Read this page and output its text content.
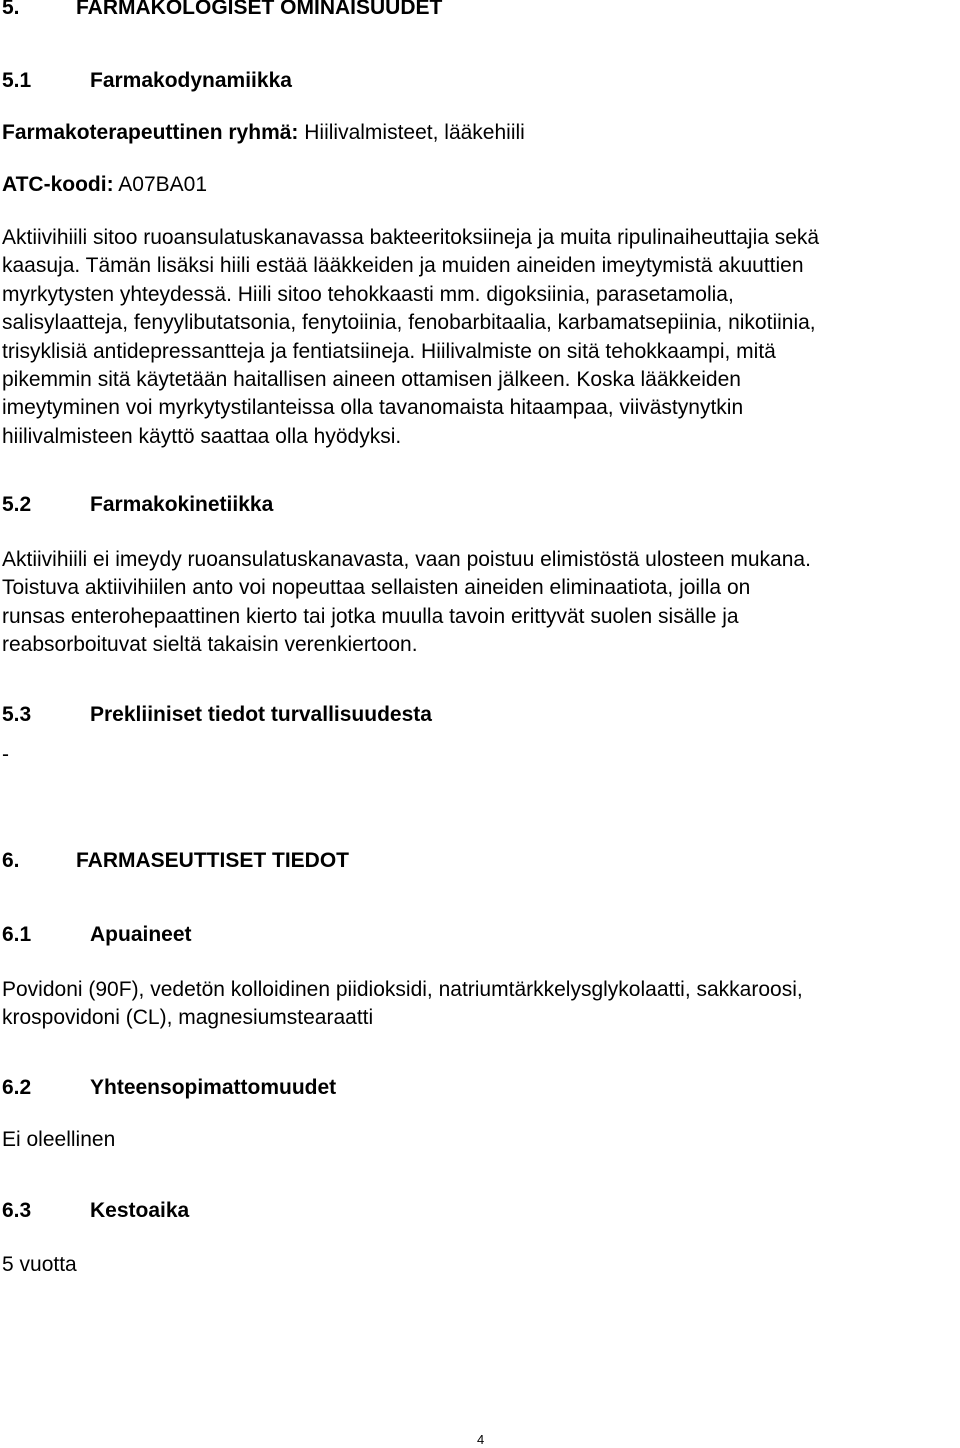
5.	FARMAKOLOGISET OMINAISUUDET
5.1	Farmakodynamiikka
Farmakoterapeuttinen ryhmä: Hiilivalmisteet, lääkehiili
ATC-koodi: A07BA01
Aktiivihiili sitoo ruoansulatuskanavassa bakteeritoksiineja ja muita ripulinaiheuttajia sekä
kaasuja. Tämän lisäksi hiili estää lääkkeiden ja muiden aineiden imeytymistä akuuttien
myrkytysten yhteydessä. Hiili sitoo tehokkaasti mm. digoksiinia, parasetamolia,
salisylaatteja, fenyylibutatsonia, fenytoiinia, fenobarbitaalia, karbamatsepiinia, nikotiinia,
trisyklisiä antidepressantteja ja fentiatsiineja. Hiilivalmiste on sitä tehokkaampi, mitä
pikemmin sitä käytetään haitallisen aineen ottamisen jälkeen. Koska lääkkeiden
imeytyminen voi myrkytystilanteissa olla tavanomaista hitaampaa, viivästynytkin
hiilivalmisteen käyttö saattaa olla hyödyksi.
5.2	Farmakokinetiikka
Aktiivihiili ei imeydy ruoansulatuskanavasta, vaan poistuu elimistöstä ulosteen mukana.
Toistuva aktiivihiilen anto voi nopeuttaa sellaisten aineiden eliminaatiota, joilla on
runsas enterohepaattinen kierto tai jotka muulla tavoin erittyvät suolen sisälle ja
reabsorboituvat sieltä takaisin verenkiertoon.
5.3	Prekliiniset tiedot turvallisuudesta
-
6.	FARMASEUTTISET TIEDOT
6.1	Apuaineet
Povidoni (90F), vedetön kolloidinen piidioksidi, natriumtärkkelysglykolaatti, sakkaroosi,
krospovidoni (CL), magnesiumstearaatti
6.2	Yhteensopimattomuudet
Ei oleellinen
6.3	Kestoaika
5 vuotta
4
